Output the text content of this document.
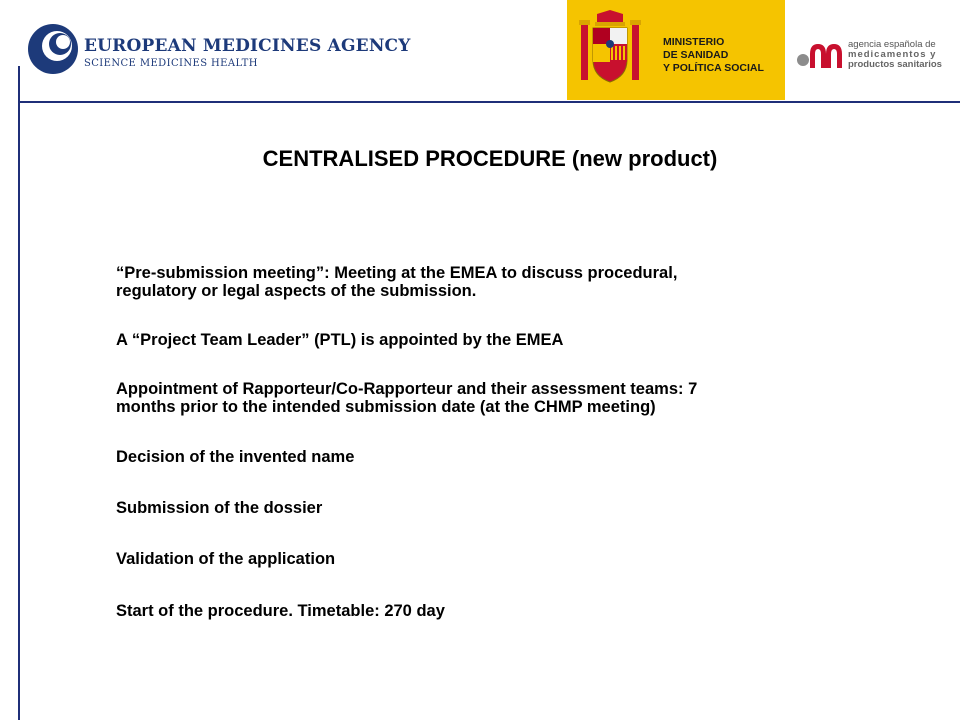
EUROPEAN MEDICINES AGENCY
SCIENCE MEDICINES HEALTH
MINISTERIO
DE SANIDAD
Y POLÍTICA SOCIAL
agencia española de
medicamentos y
productos sanitarios
CENTRALISED PROCEDURE (new product)
“Pre-submission meeting”: Meeting at the EMEA to discuss procedural,
regulatory or legal aspects of the submission.
A “Project Team Leader” (PTL) is appointed by the EMEA
Appointment of Rapporteur/Co-Rapporteur and their assessment teams: 7
months prior to the intended submission date (at the CHMP meeting)
Decision of the invented name
Submission of the dossier
Validation of the application
Start of the procedure. Timetable: 270 day
